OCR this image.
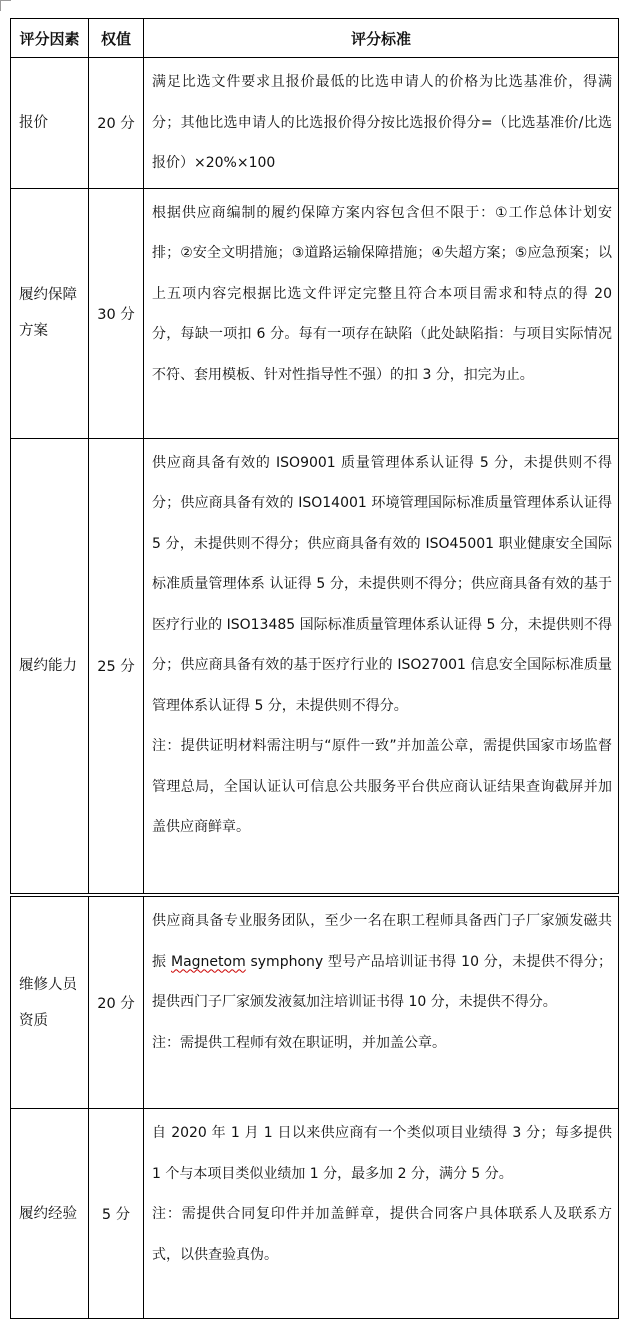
评分因素	权值	评分标准
报价	20 分	满足比选文件要求且报价最低的比选申请人的价格为比选基准价，得满分；其他比选申请人的比选报价得分按比选报价得分=（比选基准价/比选报价）×20%×100

履约保障方案	30 分	根据供应商编制的履约保障方案内容包含但不限于：①工作总体计划安排；②安全文明措施；③道路运输保障措施；④失超方案；⑤应急预案；以上五项内容完根据比选文件评定完整且符合本项目需求和特点的得 20 分，每缺一项扣 6 分。每有一项存在缺陷（此处缺陷指：与项目实际情况不符、套用模板、针对性指导性不强）的扣 3 分，扣完为止。

履约能力	25 分	供应商具备有效的 ISO9001 质量管理体系认证得 5 分，未提供则不得分；供应商具备有效的 ISO14001 环境管理国际标准质量管理体系认证得 5 分，未提供则不得分；供应商具备有效的 ISO45001 职业健康安全国际标准质量管理体系 认证得 5 分，未提供则不得分；供应商具备有效的基于医疗行业的 ISO13485 国际标准质量管理体系认证得 5 分，未提供则不得分；供应商具备有效的基于医疗行业的 ISO27001 信息安全国际标准质量管理体系认证得 5 分，未提供则不得分。

注：提供证明材料需注明与“原件一致”并加盖公章，需提供国家市场监督管理总局，全国认证认可信息公共服务平台供应商认证结果查询截屏并加盖供应商鲜章。

维修人员资质	20 分	供应商具备专业服务团队，至少一名在职工程师具备西门子厂家颁发磁共振 Magnetom symphony 型号产品培训证书得 10 分，未提供不得分；提供西门子厂家颁发液氦加注培训证书得 10 分，未提供不得分。

注：需提供工程师有效在职证明，并加盖公章。

履约经验	5 分	自 2020 年 1 月 1 日以来供应商有一个类似项目业绩得 3 分；每多提供 1 个与本项目类似业绩加 1 分，最多加 2 分，满分 5 分。

注：需提供合同复印件并加盖鲜章，提供合同客户具体联系人及联系方式，以供查验真伪。
